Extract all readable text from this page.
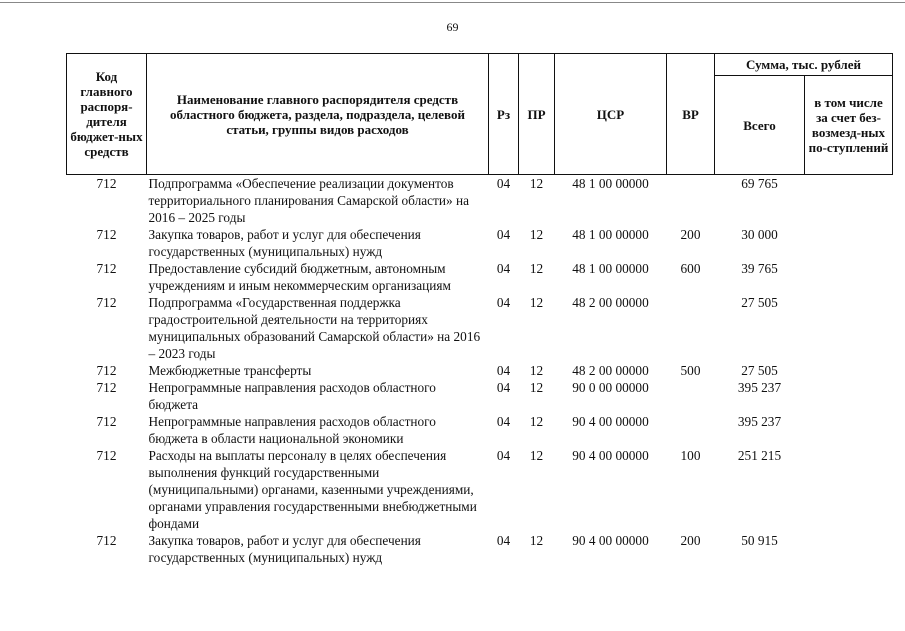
69
Код главного распоря-дителя бюджет-ных средств	Наименование главного распорядителя средств областного бюджета, раздела, подраздела, целевой статьи, группы видов расходов	Рз	ПР	ЦСР	ВР	Сумма, тыс. рублей	
						Всего	в том числе за счет без-возмезд-ных по-ступлений
712	Подпрограмма «Обеспечение реализации документов территориального планирования Самарской области» на 2016 – 2025 годы	04	12	48 1 00 00000		69 765	
712	Закупка товаров, работ и услуг для обеспечения государственных (муниципальных) нужд	04	12	48 1 00 00000	200	30 000	
712	Предоставление субсидий бюджетным, автономным учреждениям и иным некоммерческим организациям	04	12	48 1 00 00000	600	39 765	
712	Подпрограмма «Государственная поддержка градостроительной деятельности на территориях муниципальных образований Самарской области» на 2016 – 2023 годы	04	12	48 2 00 00000		27 505	
712	Межбюджетные трансферты	04	12	48 2 00 00000	500	27 505	
712	Непрограммные направления расходов областного бюджета	04	12	90 0 00 00000		395 237	
712	Непрограммные направления расходов областного бюджета в области национальной экономики	04	12	90 4 00 00000		395 237	
712	Расходы на выплаты персоналу в целях обеспечения выполнения функций государственными (муниципальными) органами, казенными учреждениями, органами управления государственными внебюджетными фондами	04	12	90 4 00 00000	100	251 215	
712	Закупка товаров, работ и услуг для обеспечения государственных (муниципальных) нужд	04	12	90 4 00 00000	200	50 915	
